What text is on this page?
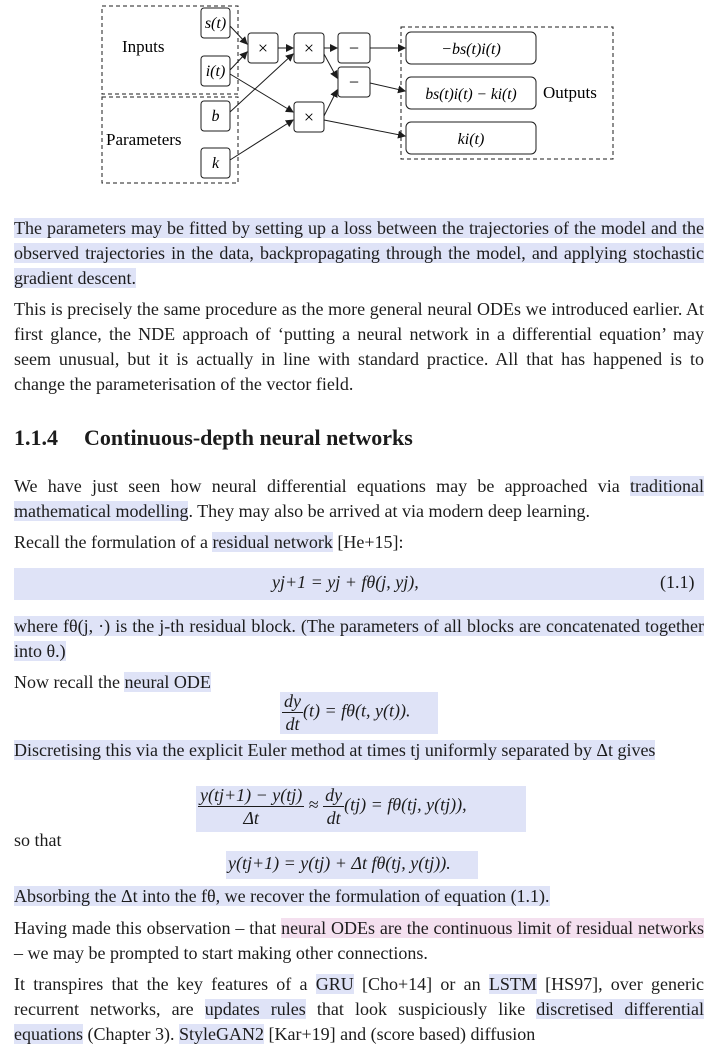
Inputs
Parameters
Outputs
s(t)
i(t)
b
k
× ×
×
−
−
−bs(t)i(t)
bs(t)i(t) − ki(t)
ki(t)

The parameters may be fitted by setting up a loss between the trajectories of the model and the observed trajectories in the data, backpropagating through the model, and applying stochastic gradient descent.

This is precisely the same procedure as the more general neural ODEs we introduced earlier. At first glance, the NDE approach of ‘putting a neural network in a differential equation’ may seem unusual, but it is actually in line with standard practice. All that has happened is to change the parameterisation of the vector field.

1.1.4 Continuous-depth neural networks

We have just seen how neural differential equations may be approached via traditional mathematical modelling. They may also be arrived at via modern deep learning.

Recall the formulation of a residual network [He+15]:

yj+1 = yj + fθ(j, yj),	(1.1)

where fθ(j, ·) is the j-th residual block. (The parameters of all blocks are concatenated together into θ.)

Now recall the neural ODE

$\frac{dy}{dt} (t) = f\theta(t$, y(t)).

Discretising this via the explicit Euler method at times tj uniformly separated by Δt gives

$\frac{y(tj+1) - y(tj)}{\Delta t} \approx \frac{dy}{dt} (tj) = f\theta(tj$, y(tj)),

so that

y(tj+1) = y(tj) + Δt fθ(tj, y(tj)).

Absorbing the Δt into the fθ, we recover the formulation of equation (1.1).

Having made this observation – that neural ODEs are the continuous limit of residual networks – we may be prompted to start making other connections.

It transpires that the key features of a GRU [Cho+14] or an LSTM [HS97], over generic recurrent networks, are updates rules that look suspiciously like discretised differential equations (Chapter 3). StyleGAN2 [Kar+19] and (score based) diffusion
